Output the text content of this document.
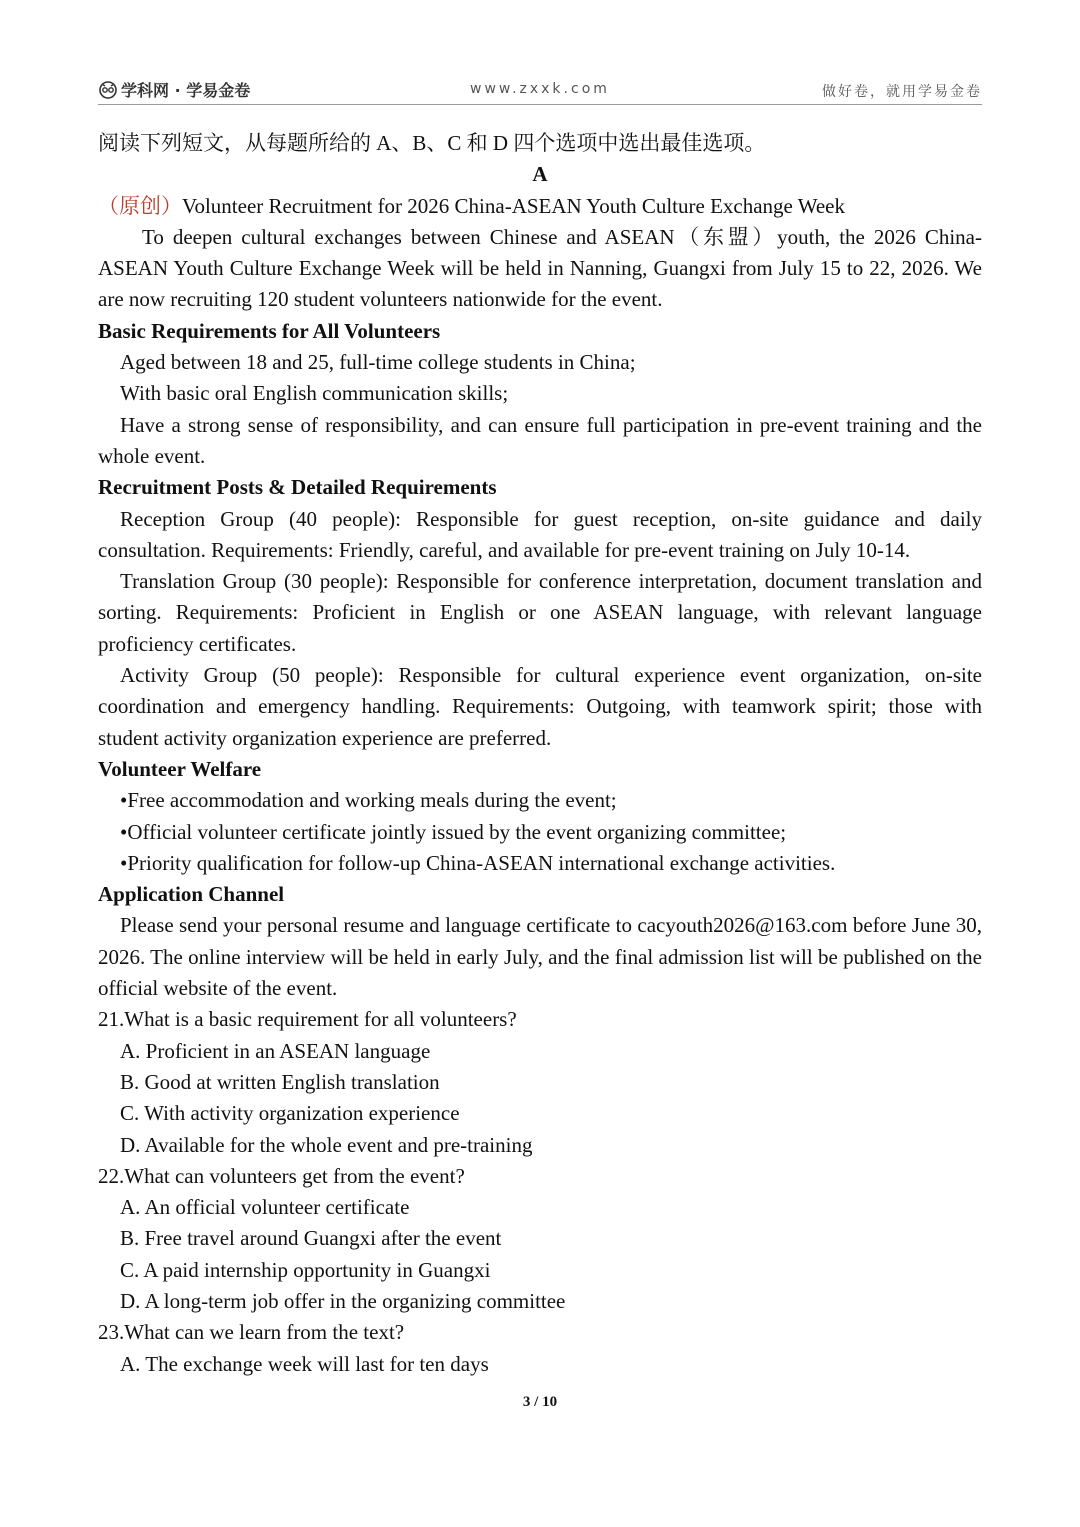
学科网 · 学易金卷	www.zxxk.com	做好卷，就用学易金卷

阅读下列短文，从每题所给的 A、B、C 和 D 四个选项中选出最佳选项。

A

（原创）Volunteer Recruitment for 2026 China-ASEAN Youth Culture Exchange Week

To deepen cultural exchanges between Chinese and ASEAN（东盟）youth, the 2026 China-ASEAN Youth Culture Exchange Week will be held in Nanning, Guangxi from July 15 to 22, 2026. We are now recruiting 120 student volunteers nationwide for the event.

Basic Requirements for All Volunteers

Aged between 18 and 25, full-time college students in China;

With basic oral English communication skills;

Have a strong sense of responsibility, and can ensure full participation in pre-event training and the whole event.

Recruitment Posts & Detailed Requirements

Reception Group (40 people): Responsible for guest reception, on-site guidance and daily consultation. Requirements: Friendly, careful, and available for pre-event training on July 10-14.

Translation Group (30 people): Responsible for conference interpretation, document translation and sorting. Requirements: Proficient in English or one ASEAN language, with relevant language proficiency certificates.

Activity Group (50 people): Responsible for cultural experience event organization, on-site coordination and emergency handling. Requirements: Outgoing, with teamwork spirit; those with student activity organization experience are preferred.

Volunteer Welfare

•Free accommodation and working meals during the event;

•Official volunteer certificate jointly issued by the event organizing committee;

•Priority qualification for follow-up China-ASEAN international exchange activities.

Application Channel

Please send your personal resume and language certificate to cacyouth2026@163.com before June 30, 2026. The online interview will be held in early July, and the final admission list will be published on the official website of the event.

21.What is a basic requirement for all volunteers?

A. Proficient in an ASEAN language

B. Good at written English translation

C. With activity organization experience

D. Available for the whole event and pre-training

22.What can volunteers get from the event?

A. An official volunteer certificate

B. Free travel around Guangxi after the event

C. A paid internship opportunity in Guangxi

D. A long-term job offer in the organizing committee

23.What can we learn from the text?

A. The exchange week will last for ten days

3 / 10
